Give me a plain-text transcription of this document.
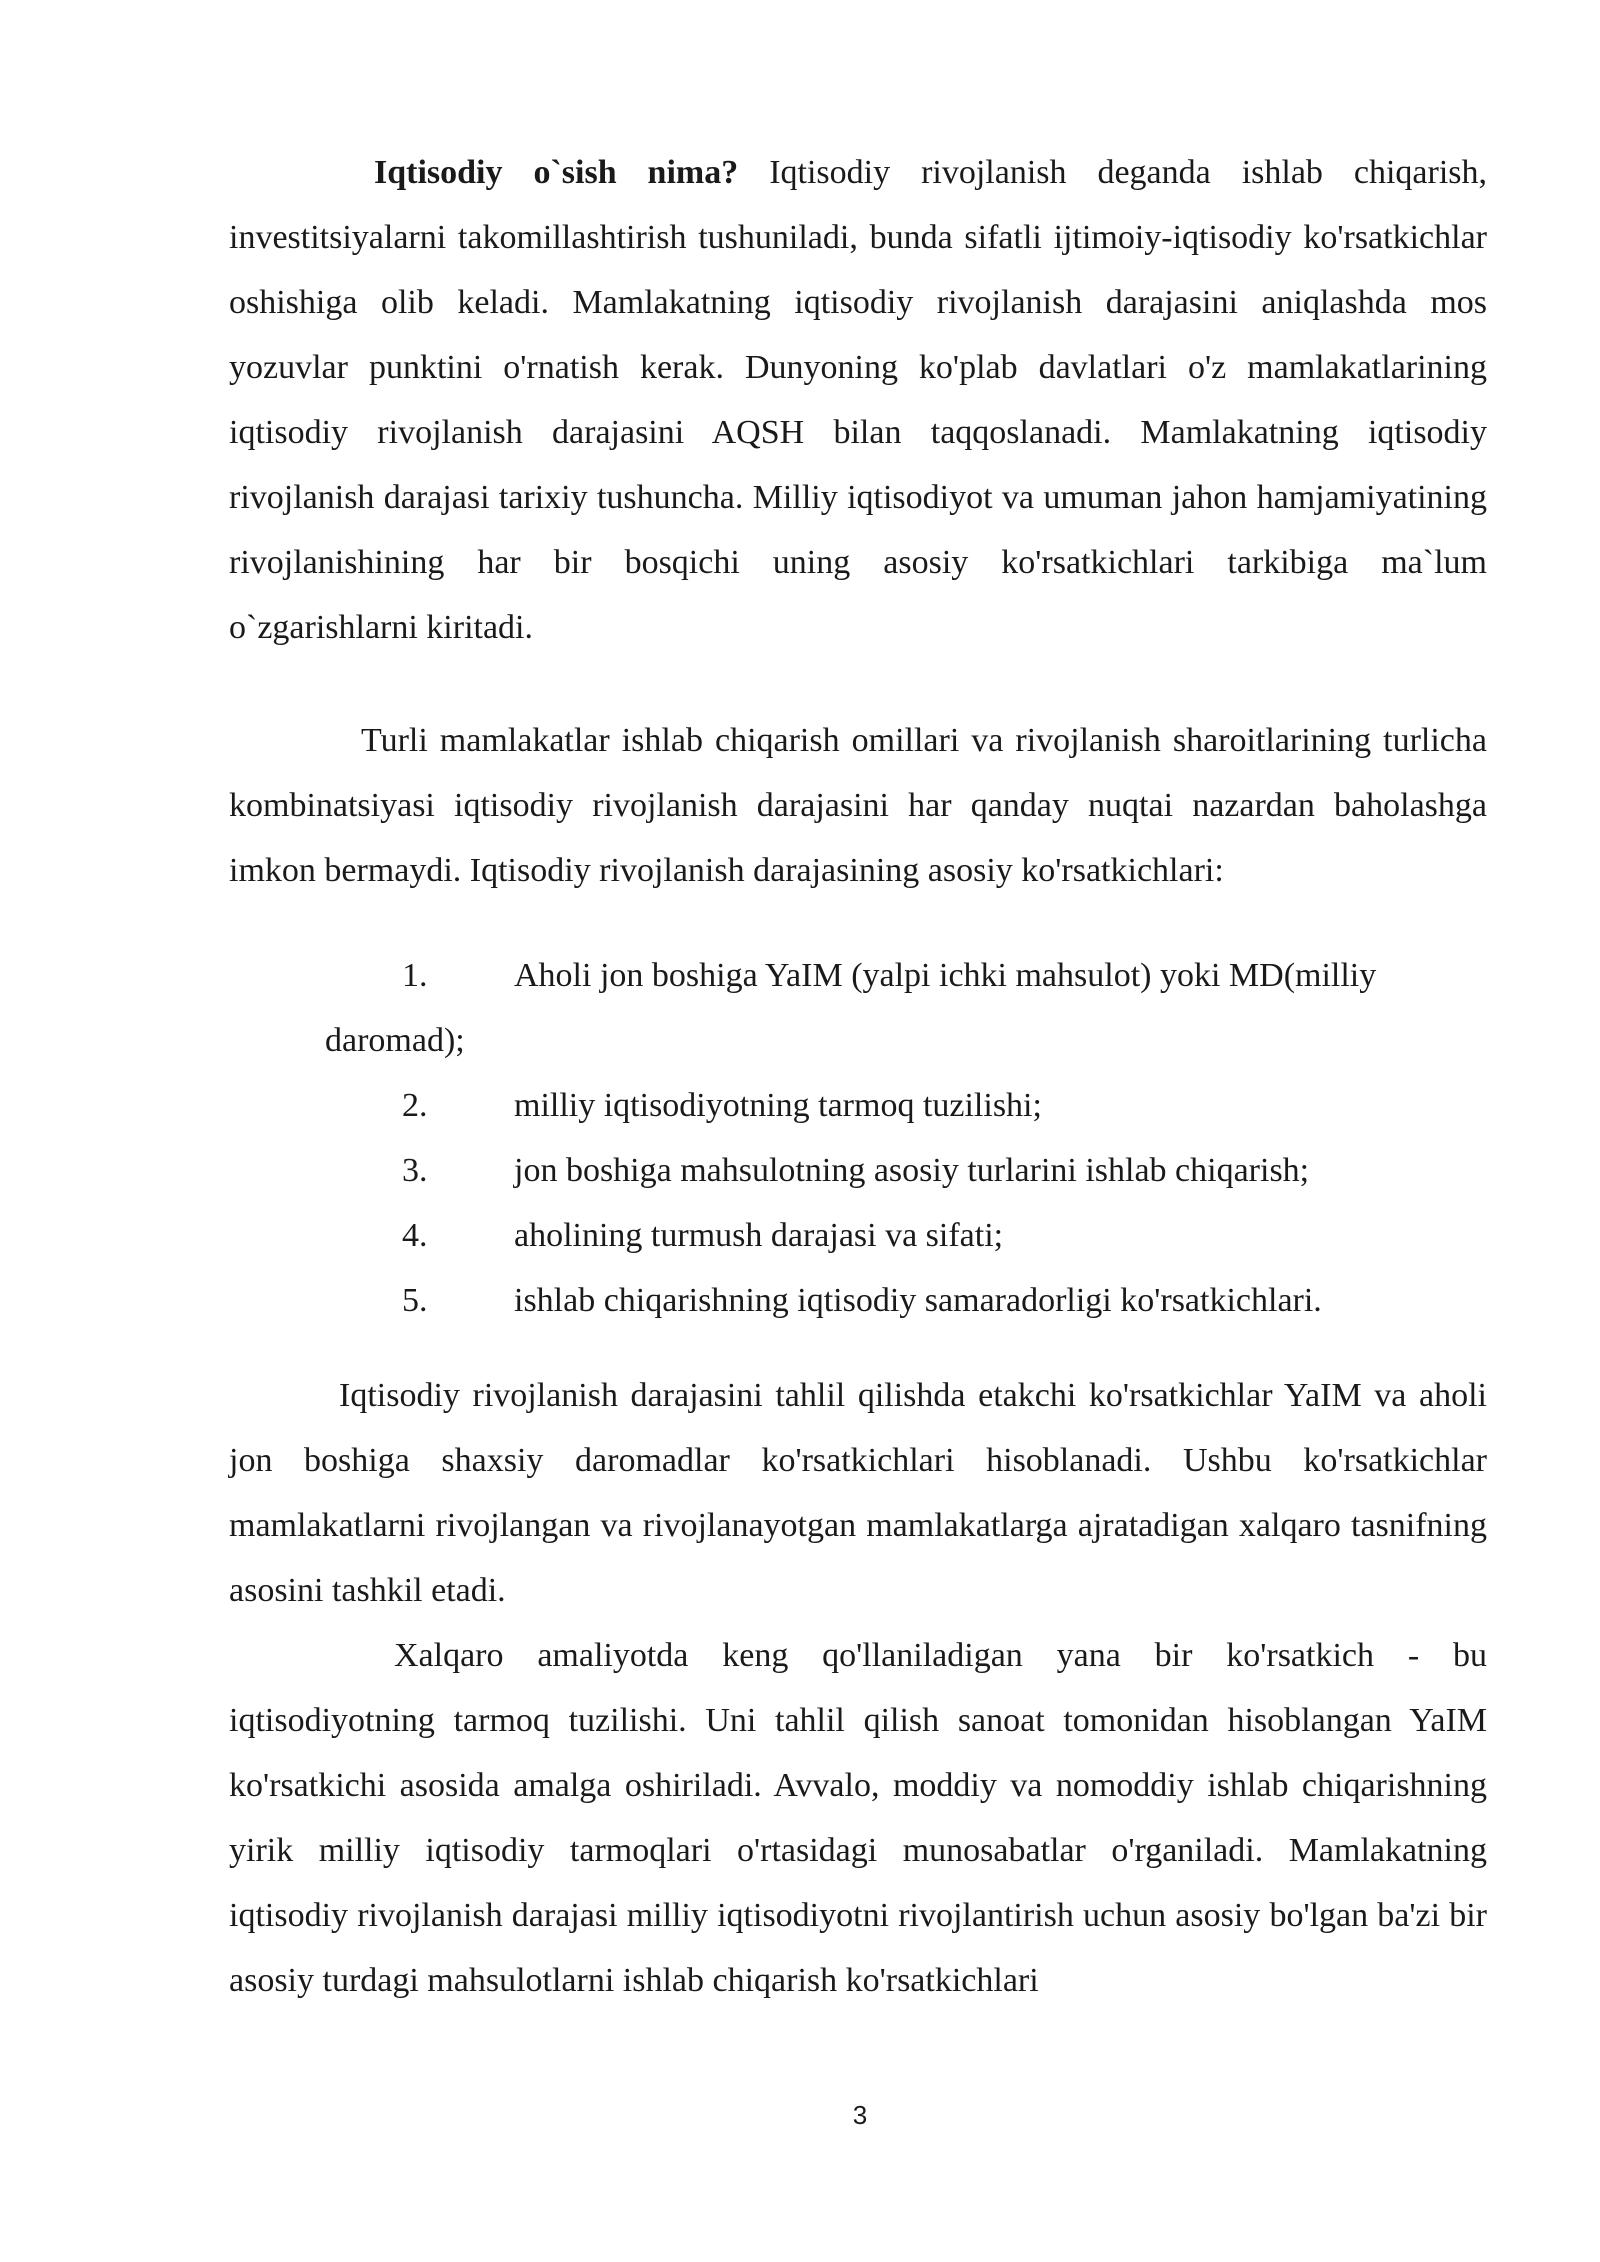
Iqtisodiy o`sish nima? Iqtisodiy rivojlanish deganda ishlab chiqarish, investitsiyalarni takomillashtirish tushuniladi, bunda sifatli ijtimoiy-iqtisodiy ko'rsatkichlar oshishiga olib keladi. Mamlakatning iqtisodiy rivojlanish darajasini aniqlashda mos yozuvlar punktini o'rnatish kerak. Dunyoning ko'plab davlatlari o'z mamlakatlarining iqtisodiy rivojlanish darajasini AQSH bilan taqqoslanadi. Mamlakatning iqtisodiy rivojlanish darajasi tarixiy tushuncha. Milliy iqtisodiyot va umuman jahon hamjamiyatining rivojlanishining har bir bosqichi uning asosiy ko'rsatkichlari tarkibiga ma`lum o`zgarishlarni kiritadi.

Turli mamlakatlar ishlab chiqarish omillari va rivojlanish sharoitlarining turlicha kombinatsiyasi iqtisodiy rivojlanish darajasini har qanday nuqtai nazardan baholashga imkon bermaydi. Iqtisodiy rivojlanish darajasining asosiy ko'rsatkichlari:

1.	Aholi jon boshiga YaIM (yalpi ichki mahsulot) yoki MD(milliy
daromad);
2.	milliy iqtisodiyotning tarmoq tuzilishi;
3.	jon boshiga mahsulotning asosiy turlarini ishlab chiqarish;
4.	aholining turmush darajasi va sifati;
5.	ishlab chiqarishning iqtisodiy samaradorligi ko'rsatkichlari.

Iqtisodiy rivojlanish darajasini tahlil qilishda etakchi ko'rsatkichlar YaIM va aholi jon boshiga shaxsiy daromadlar ko'rsatkichlari hisoblanadi. Ushbu ko'rsatkichlar mamlakatlarni rivojlangan va rivojlanayotgan mamlakatlarga ajratadigan xalqaro tasnifning asosini tashkil etadi.

Xalqaro amaliyotda keng qo'llaniladigan yana bir ko'rsatkich - bu iqtisodiyotning tarmoq tuzilishi. Uni tahlil qilish sanoat tomonidan hisoblangan YaIM ko'rsatkichi asosida amalga oshiriladi. Avvalo, moddiy va nomoddiy ishlab chiqarishning yirik milliy iqtisodiy tarmoqlari o'rtasidagi munosabatlar o'rganiladi. Mamlakatning iqtisodiy rivojlanish darajasi milliy iqtisodiyotni rivojlantirish uchun asosiy bo'lgan ba'zi bir asosiy turdagi mahsulotlarni ishlab chiqarish ko'rsatkichlari

3
